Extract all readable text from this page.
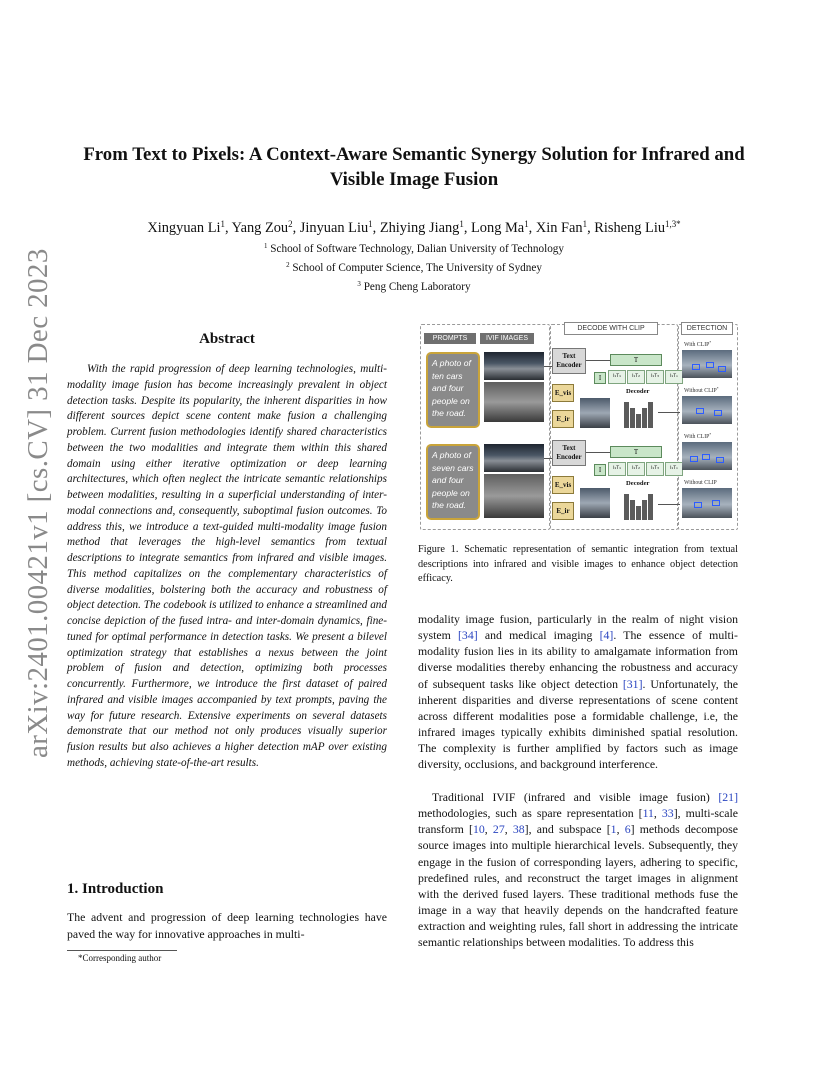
arXiv:2401.00421v1 [cs.CV] 31 Dec 2023
From Text to Pixels: A Context-Aware Semantic Synergy Solution for Infrared and Visible Image Fusion
Xingyuan Li$^1$, Yang Zou$^2$, Jinyuan Liu$^1$, Zhiying Jiang$^1$, Long Ma$^1$, Xin Fan$^1$, Risheng Liu$^{1,3*}$
$^1$ School of Software Technology, Dalian University of Technology
$^2$ School of Computer Science, The University of Sydney
$^3$ Peng Cheng Laboratory
Abstract

With the rapid progression of deep learning technologies, multi-modality image fusion has become increasingly prevalent in object detection tasks. Despite its popularity, the inherent disparities in how different sources depict scene content make fusion a challenging problem. Current fusion methodologies identify shared characteristics between the two modalities and integrate them within this shared domain using either iterative optimization or deep learning architectures, which often neglect the intricate semantic relationships between modalities, resulting in a superficial understanding of inter-modal connections and, consequently, suboptimal fusion outcomes. To address this, we introduce a text-guided multi-modality image fusion method that leverages the high-level semantics from textual descriptions to integrate semantics from infrared and visible images. This method capitalizes on the complementary characteristics of diverse modalities, bolstering both the accuracy and robustness of object detection. The codebook is utilized to enhance a streamlined and concise depiction of the fused intra- and inter-domain dynamics, fine-tuned for optimal performance in detection tasks. We present a bilevel optimization strategy that establishes a nexus between the joint problem of fusion and detection, optimizing both processes concurrently. Furthermore, we introduce the first dataset of paired infrared and visible images accompanied by text prompts, paving the way for future research. Extensive experiments on several datasets demonstrate that our method not only produces visually superior fusion results but also achieves a higher detection mAP over existing methods, achieving state-of-the-art results.

1. Introduction

The advent and progression of deep learning technologies have paved the way for innovative approaches in multi-

*Corresponding author
PROMPTS	IVIF IMAGES
DECODE WITH CLIP	DETECTION
A photo of ten cars and four people on the road.
A photo of seven cars and four people on the road.
Text Encoder
E_vis
E_ir
T
I	I₁T₁	I₁T₂	I₁T₃	I₁Tₙ
Decoder
Text Encoder
E_vis
E_ir
T
I	I₁T₁	I₁T₂	I₁T₃	I₁Tₙ
Decoder
With CLIP*
Without CLIP*
With CLIP*
Without CLIP

Figure 1. Schematic representation of semantic integration from textual descriptions into infrared and visible images to enhance object detection efficacy.

modality image fusion, particularly in the realm of night vision system [34] and medical imaging [4]. The essence of multi-modality fusion lies in its ability to amalgamate information from diverse modalities thereby enhancing the robustness and accuracy of subsequent tasks like object detection [31]. Unfortunately, the inherent disparities and diverse representations of scene content across different modalities pose a formidable challenge, i.e, the infrared images typically exhibits diminished spatial resolution. The complexity is further amplified by factors such as image diversity, occlusions, and background interference.

Traditional IVIF (infrared and visible image fusion) [21] methodologies, such as spare representation [11, 33], multi-scale transform [10, 27, 38], and subspace [1, 6] methods decompose source images into multiple hierarchical levels. Subsequently, they engage in the fusion of corresponding layers, adhering to specific, predefined rules, and reconstruct the target images in alignment with the derived fused layers. These traditional methods fuse the image in a way that heavily depends on the handcrafted feature extraction and weighting rules, fall short in addressing the intricate semantic relationships between modalities. To address this
